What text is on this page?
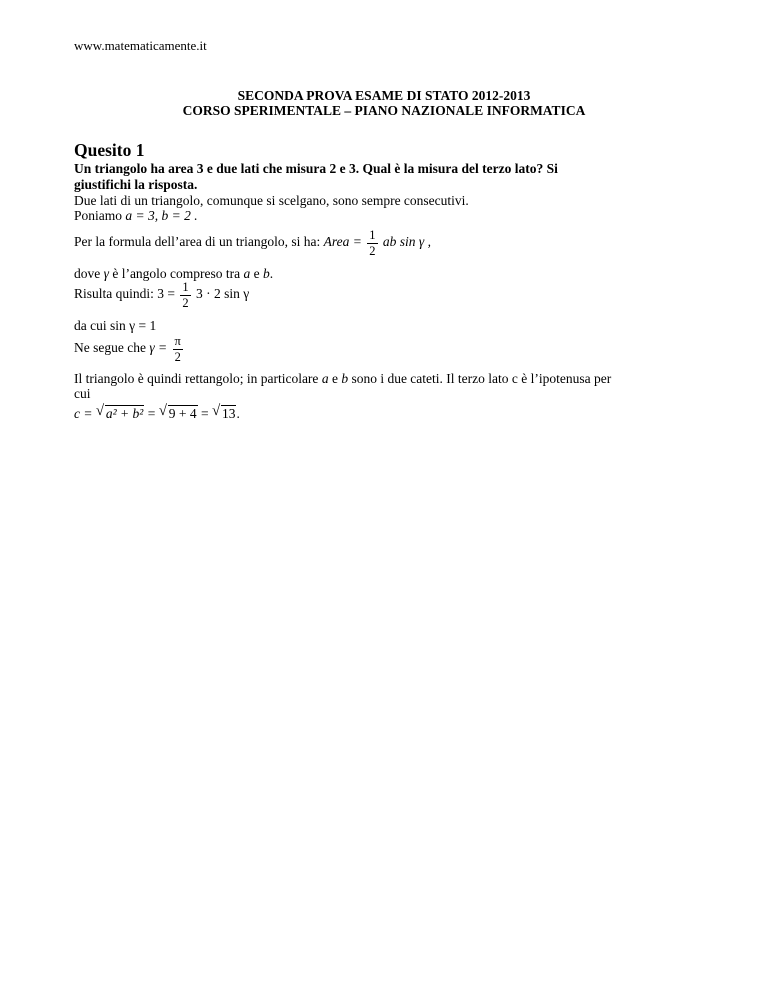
www.matematicamente.it
SECONDA PROVA ESAME DI STATO 2012-2013
CORSO SPERIMENTALE – PIANO NAZIONALE INFORMATICA
Quesito 1
Un triangolo ha area 3 e due lati che misura 2 e 3. Qual è la misura del terzo lato? Si
giustifichi la risposta.
Due lati di un triangolo, comunque si scelgano, sono sempre consecutivi.
Poniamo a = 3, b = 2 .
Per la formula dell’area di un triangolo, si ha: Area = $\frac{1}{2}$ ab sin γ ,
dove γ è l’angolo compreso tra a e b.
Risulta quindi: $3 = \frac{1}{2} 3 \cdot 2$ sin γ
da cui sin γ = 1
Ne segue che $\gamma = \frac{\pi}{2}$
Il triangolo è quindi rettangolo; in particolare a e b sono i due cateti. Il terzo lato c è l’ipotenusa per
cui
c = √ a² + b² = √ 9 + 4 = √ 13.
